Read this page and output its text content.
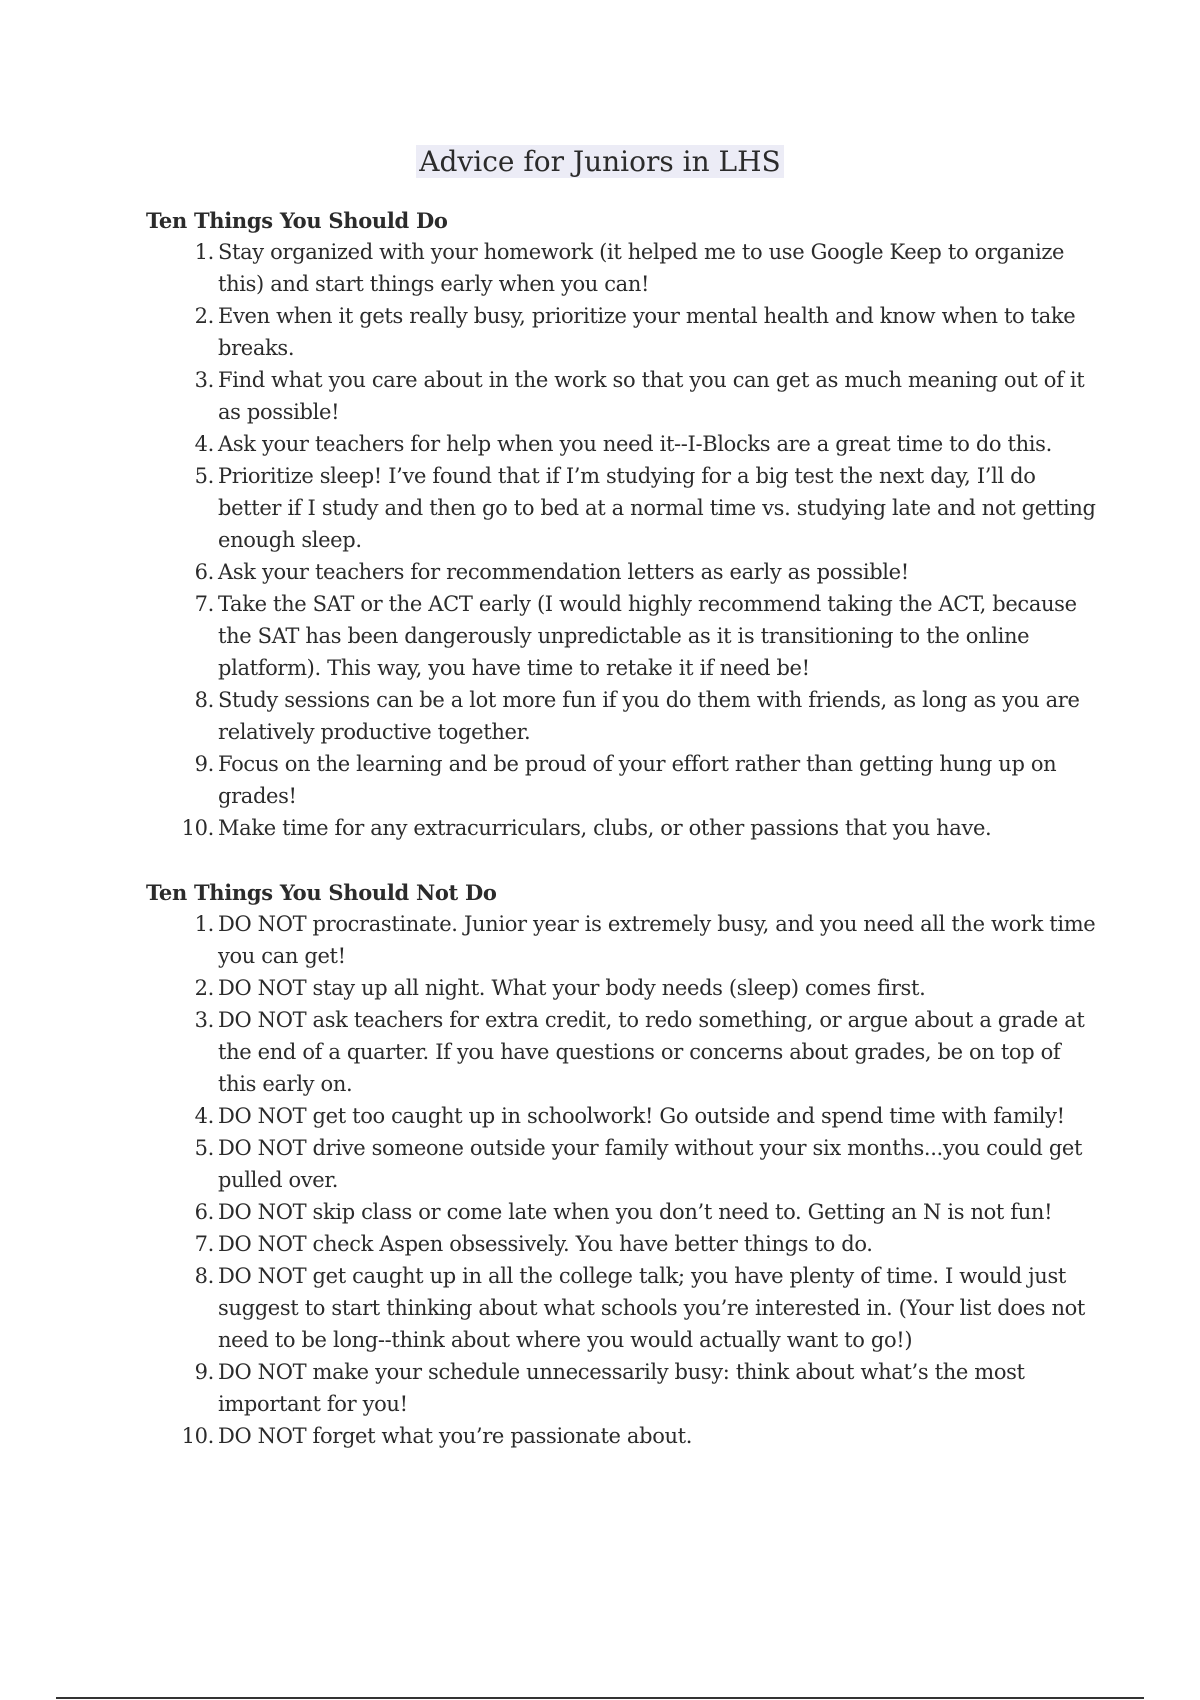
Advice for Juniors in LHS
Ten Things You Should Do
1. Stay organized with your homework (it helped me to use Google Keep to organize this) and start things early when you can!
2. Even when it gets really busy, prioritize your mental health and know when to take breaks.
3. Find what you care about in the work so that you can get as much meaning out of it as possible!
4. Ask your teachers for help when you need it--I-Blocks are a great time to do this.
5. Prioritize sleep! I’ve found that if I’m studying for a big test the next day, I’ll do better if I study and then go to bed at a normal time vs. studying late and not getting enough sleep.
6. Ask your teachers for recommendation letters as early as possible!
7. Take the SAT or the ACT early (I would highly recommend taking the ACT, because the SAT has been dangerously unpredictable as it is transitioning to the online platform). This way, you have time to retake it if need be!
8. Study sessions can be a lot more fun if you do them with friends, as long as you are relatively productive together.
9. Focus on the learning and be proud of your effort rather than getting hung up on grades!
10. Make time for any extracurriculars, clubs, or other passions that you have.
Ten Things You Should Not Do
1. DO NOT procrastinate. Junior year is extremely busy, and you need all the work time you can get!
2. DO NOT stay up all night. What your body needs (sleep) comes first.
3. DO NOT ask teachers for extra credit, to redo something, or argue about a grade at the end of a quarter. If you have questions or concerns about grades, be on top of this early on.
4. DO NOT get too caught up in schoolwork! Go outside and spend time with family!
5. DO NOT drive someone outside your family without your six months...you could get pulled over.
6. DO NOT skip class or come late when you don’t need to. Getting an N is not fun!
7. DO NOT check Aspen obsessively. You have better things to do.
8. DO NOT get caught up in all the college talk; you have plenty of time. I would just suggest to start thinking about what schools you’re interested in. (Your list does not need to be long--think about where you would actually want to go!)
9. DO NOT make your schedule unnecessarily busy: think about what’s the most important for you!
10. DO NOT forget what you’re passionate about.
